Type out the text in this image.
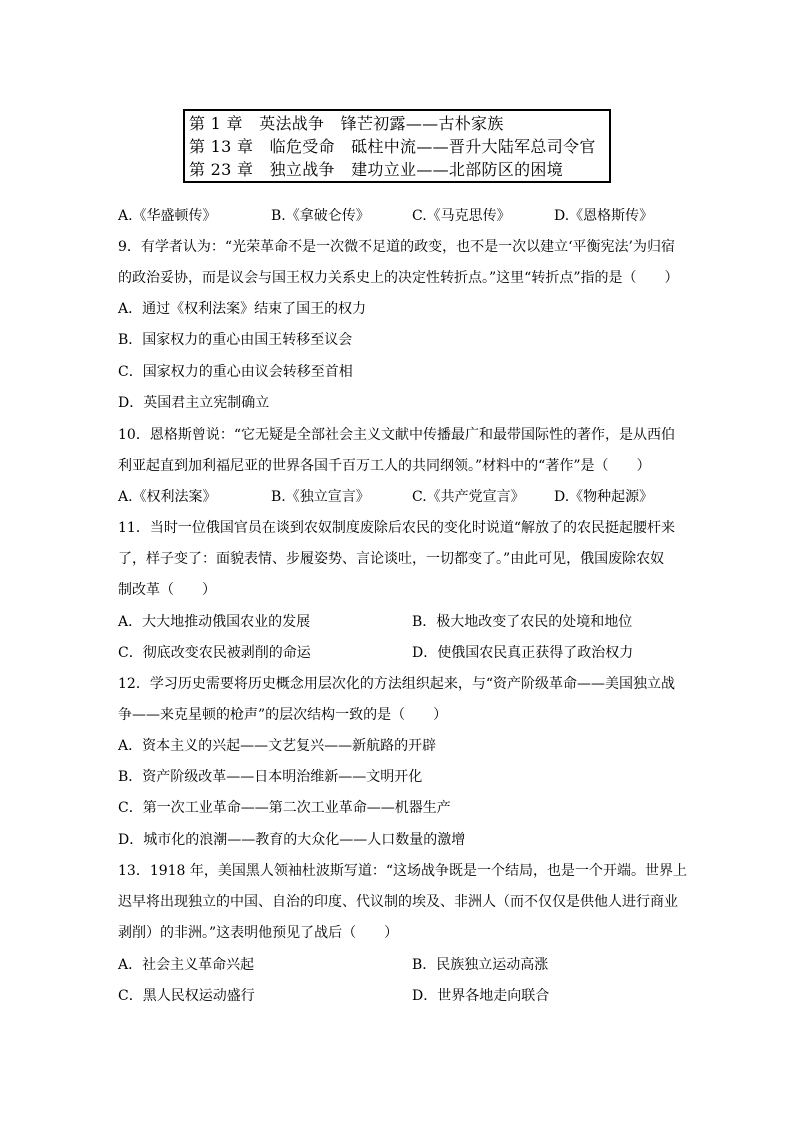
第 1 章　英法战争　锋芒初露——古朴家族
第 13 章　临危受命　砥柱中流——晋升大陆军总司令官
第 23 章　独立战争　建功立业——北部防区的困境
A.《华盛顿传》	B.《拿破仑传》	C.《马克思传》	D.《恩格斯传》
9．有学者认为：“光荣革命不是一次微不足道的政变，也不是一次以建立‘平衡宪法’为归宿
的政治妥协，而是议会与国王权力关系史上的决定性转折点。”这里“转折点”指的是（　　）
A．通过《权利法案》结束了国王的权力
B．国家权力的重心由国王转移至议会
C．国家权力的重心由议会转移至首相
D．英国君主立宪制确立
10．恩格斯曾说：“它无疑是全部社会主义文献中传播最广和最带国际性的著作，是从西伯
利亚起直到加利福尼亚的世界各国千百万工人的共同纲领。”材料中的“著作”是（　　）
A.《权利法案》	B.《独立宣言》	C.《共产党宣言》 D.《物种起源》
11．当时一位俄国官员在谈到农奴制度废除后农民的变化时说道“解放了的农民挺起腰杆来
了，样子变了：面貌表情、步履姿势、言论谈吐，一切都变了。”由此可见，俄国废除农奴
制改革（　　）
A．大大地推动俄国农业的发展	B．极大地改变了农民的处境和地位
C．彻底改变农民被剥削的命运	D．使俄国农民真正获得了政治权力
12．学习历史需要将历史概念用层次化的方法组织起来，与“资产阶级革命——美国独立战
争——来克星顿的枪声”的层次结构一致的是（　　）
A．资本主义的兴起——文艺复兴——新航路的开辟
B．资产阶级改革——日本明治维新——文明开化
C．第一次工业革命——第二次工业革命——机器生产
D．城市化的浪潮——教育的大众化——人口数量的激增
13．1918 年，美国黑人领袖杜波斯写道：“这场战争既是一个结局，也是一个开端。世界上
迟早将出现独立的中国、自治的印度、代议制的埃及、非洲人（而不仅仅是供他人进行商业
剥削）的非洲。”这表明他预见了战后（　　）
A．社会主义革命兴起	B．民族独立运动高涨
C．黑人民权运动盛行	D．世界各地走向联合
